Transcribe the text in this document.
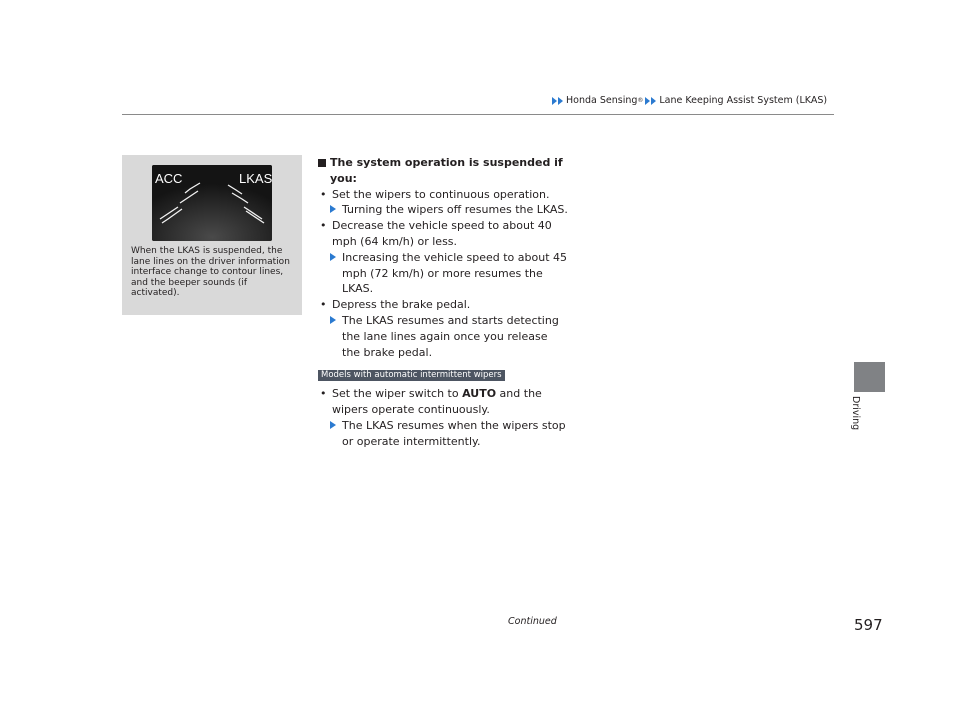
Honda Sensing ® Lane Keeping Assist System (LKAS)
Driving
ACC	LKAS
When the LKAS is suspended, the lane lines on the driver information interface change to contour lines, and the beeper sounds (if activated).
The system operation is suspended if you:
• Set the wipers to continuous operation.
Turning the wipers off resumes the LKAS.
• Decrease the vehicle speed to about 40 mph (64 km/h) or less.
Increasing the vehicle speed to about 45 mph (72 km/h) or more resumes the LKAS.
• Depress the brake pedal.
The LKAS resumes and starts detecting the lane lines again once you release the brake pedal.
Models with automatic intermittent wipers
• Set the wiper switch to AUTO and the wipers operate continuously.
The LKAS resumes when the wipers stop or operate intermittently.
Continued	597
